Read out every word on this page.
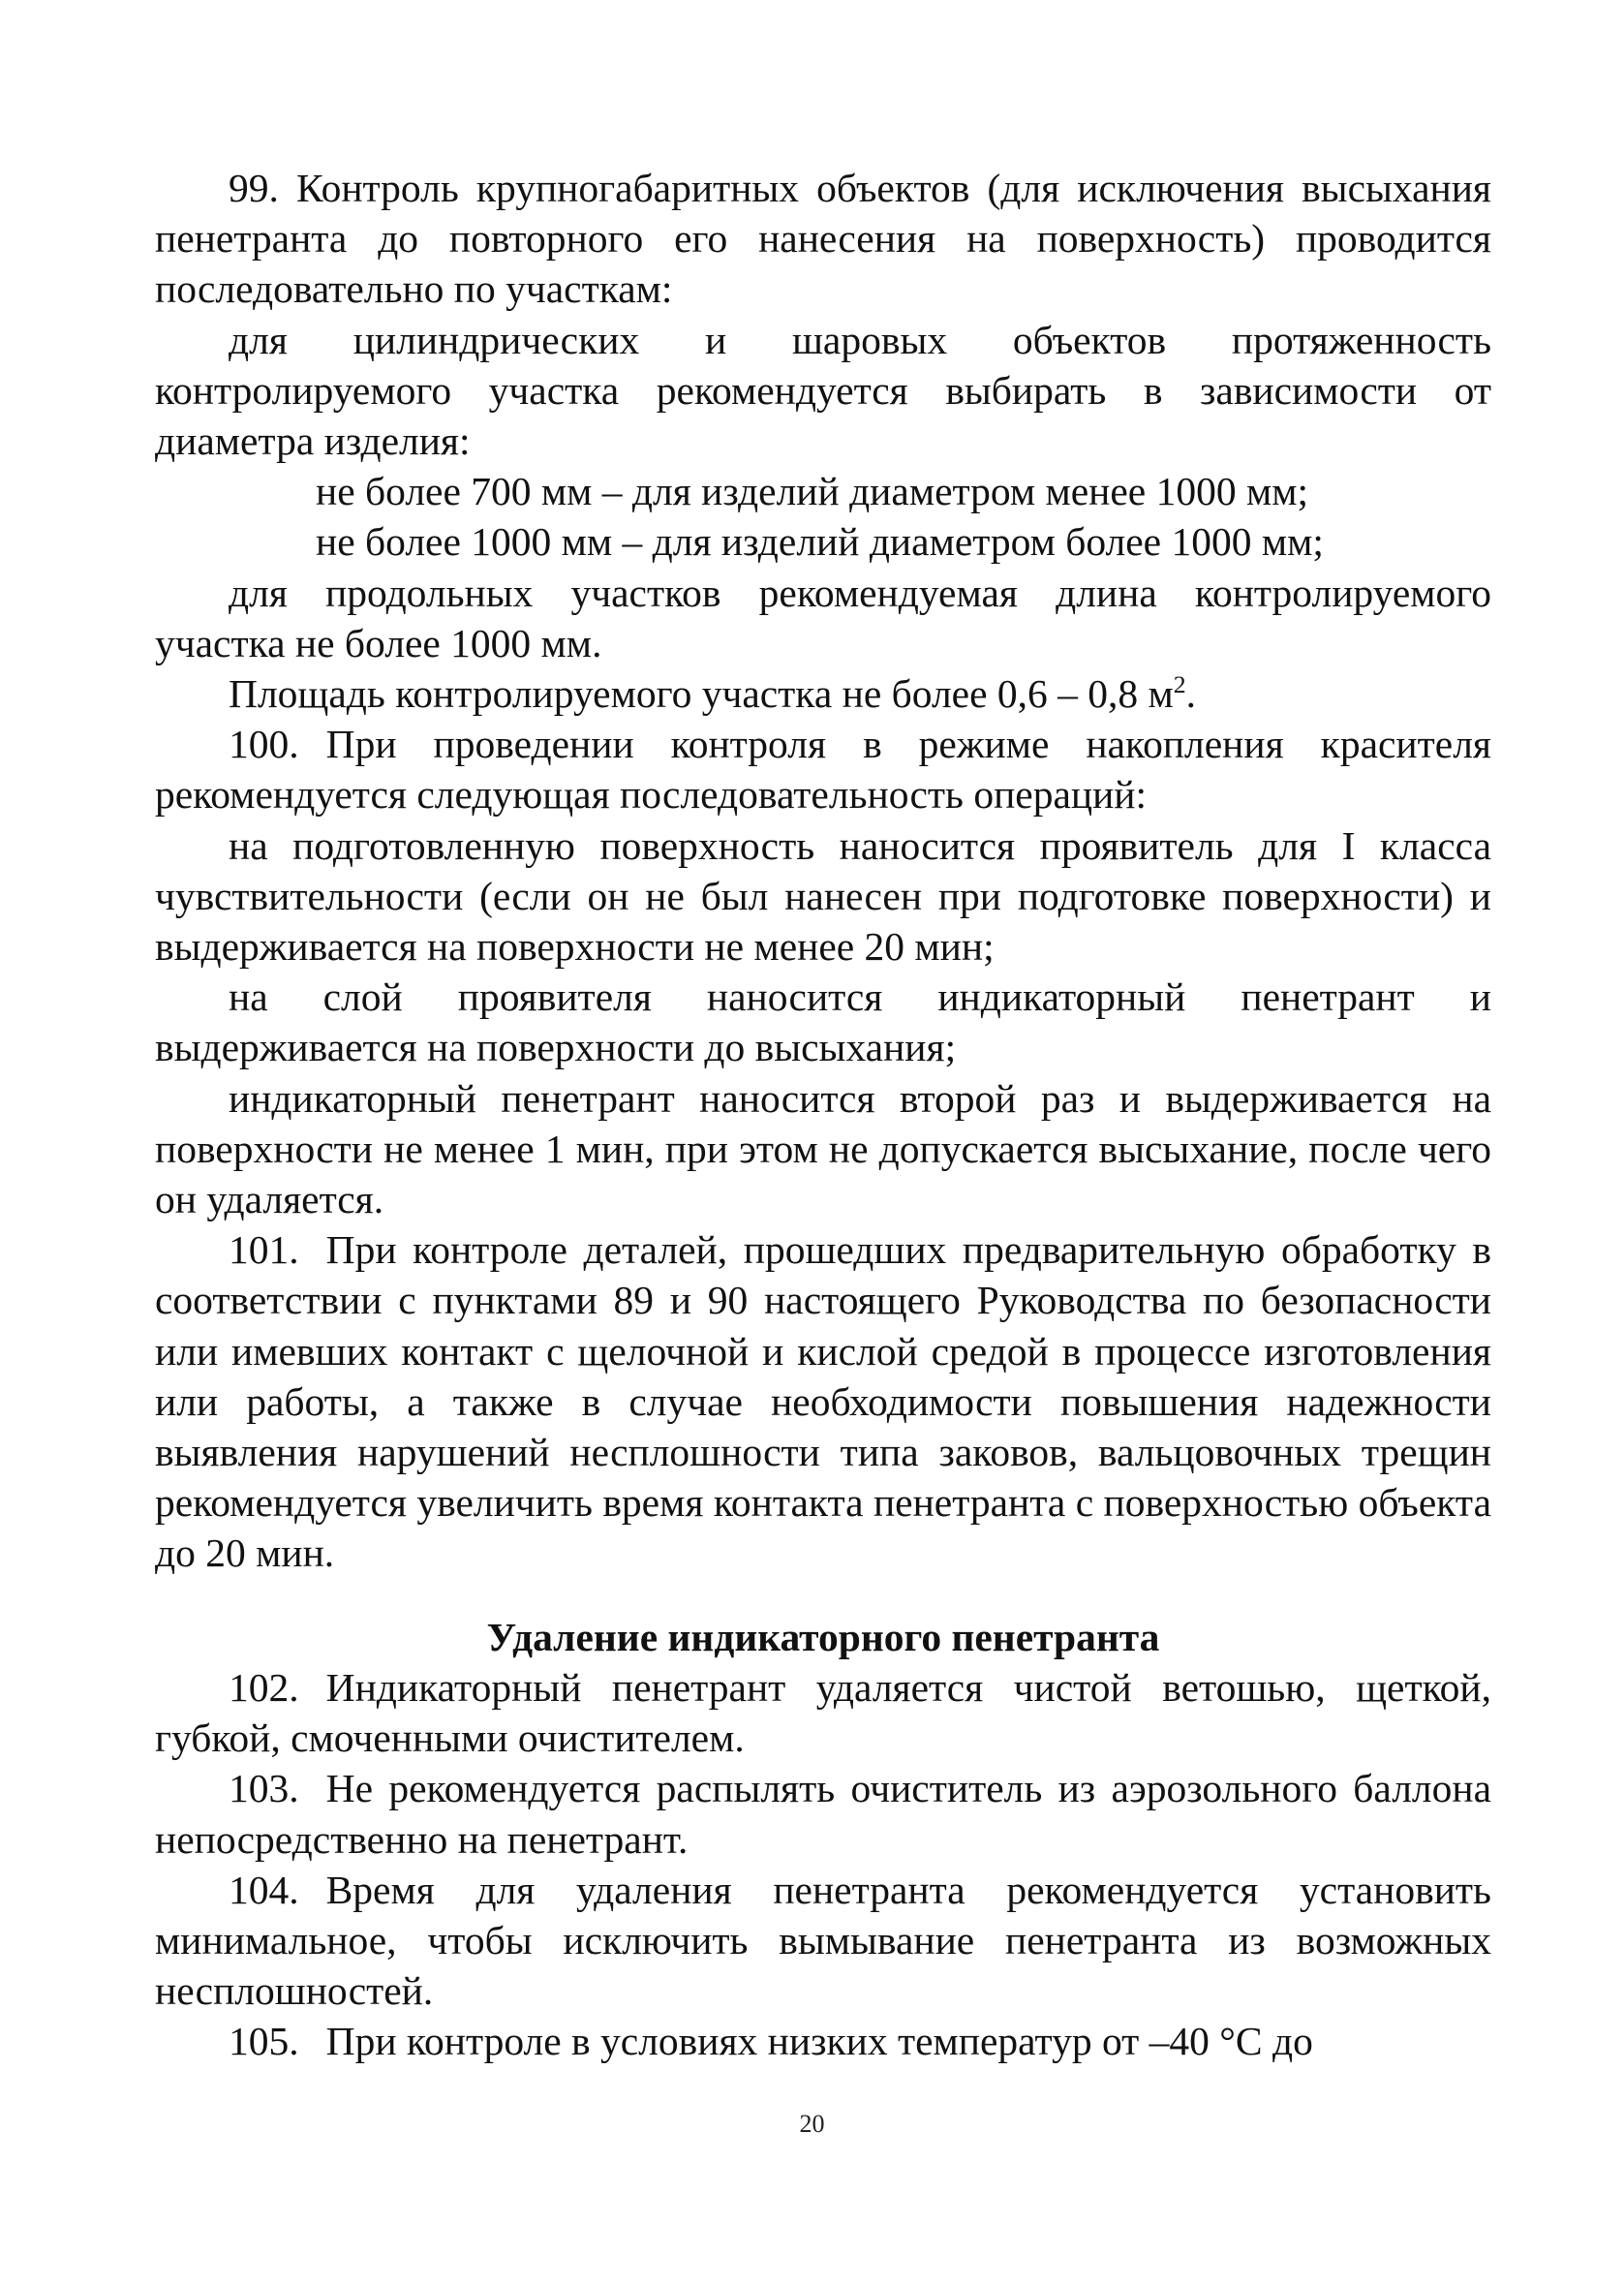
99. Контроль крупногабаритных объектов (для исключения высыхания пенетранта до повторного его нанесения на поверхность) проводится последовательно по участкам:

для цилиндрических и шаровых объектов протяженность контролируемого участка рекомендуется выбирать в зависимости от диаметра изделия:

не более 700 мм – для изделий диаметром менее 1000 мм;

не более 1000 мм – для изделий диаметром более 1000 мм;

для продольных участков рекомендуемая длина контролируемого участка не более 1000 мм.

Площадь контролируемого участка не более 0,6 – 0,8 $м^2$.

100. При проведении контроля в режиме накопления красителя рекомендуется следующая последовательность операций:

на подготовленную поверхность наносится проявитель для I класса чувствительности (если он не был нанесен при подготовке поверхности) и выдерживается на поверхности не менее 20 мин;

на слой проявителя наносится индикаторный пенетрант и выдерживается на поверхности до высыхания;

индикаторный пенетрант наносится второй раз и выдерживается на поверхности не менее 1 мин, при этом не допускается высыхание, после чего он удаляется.

101. При контроле деталей, прошедших предварительную обработку в соответствии с пунктами 89 и 90 настоящего Руководства по безопасности или имевших контакт с щелочной и кислой средой в процессе изготовления или работы, а также в случае необходимости повышения надежности выявления нарушений несплошности типа заковов, вальцовочных трещин рекомендуется увеличить время контакта пенетранта с поверхностью объекта до 20 мин.

Удаление индикаторного пенетранта

102. Индикаторный пенетрант удаляется чистой ветошью, щеткой, губкой, смоченными очистителем.

103. Не рекомендуется распылять очиститель из аэрозольного баллона непосредственно на пенетрант.

104. Время для удаления пенетранта рекомендуется установить минимальное, чтобы исключить вымывание пенетранта из возможных несплошностей.

105. При контроле в условиях низких температур от –40 °С до

20
